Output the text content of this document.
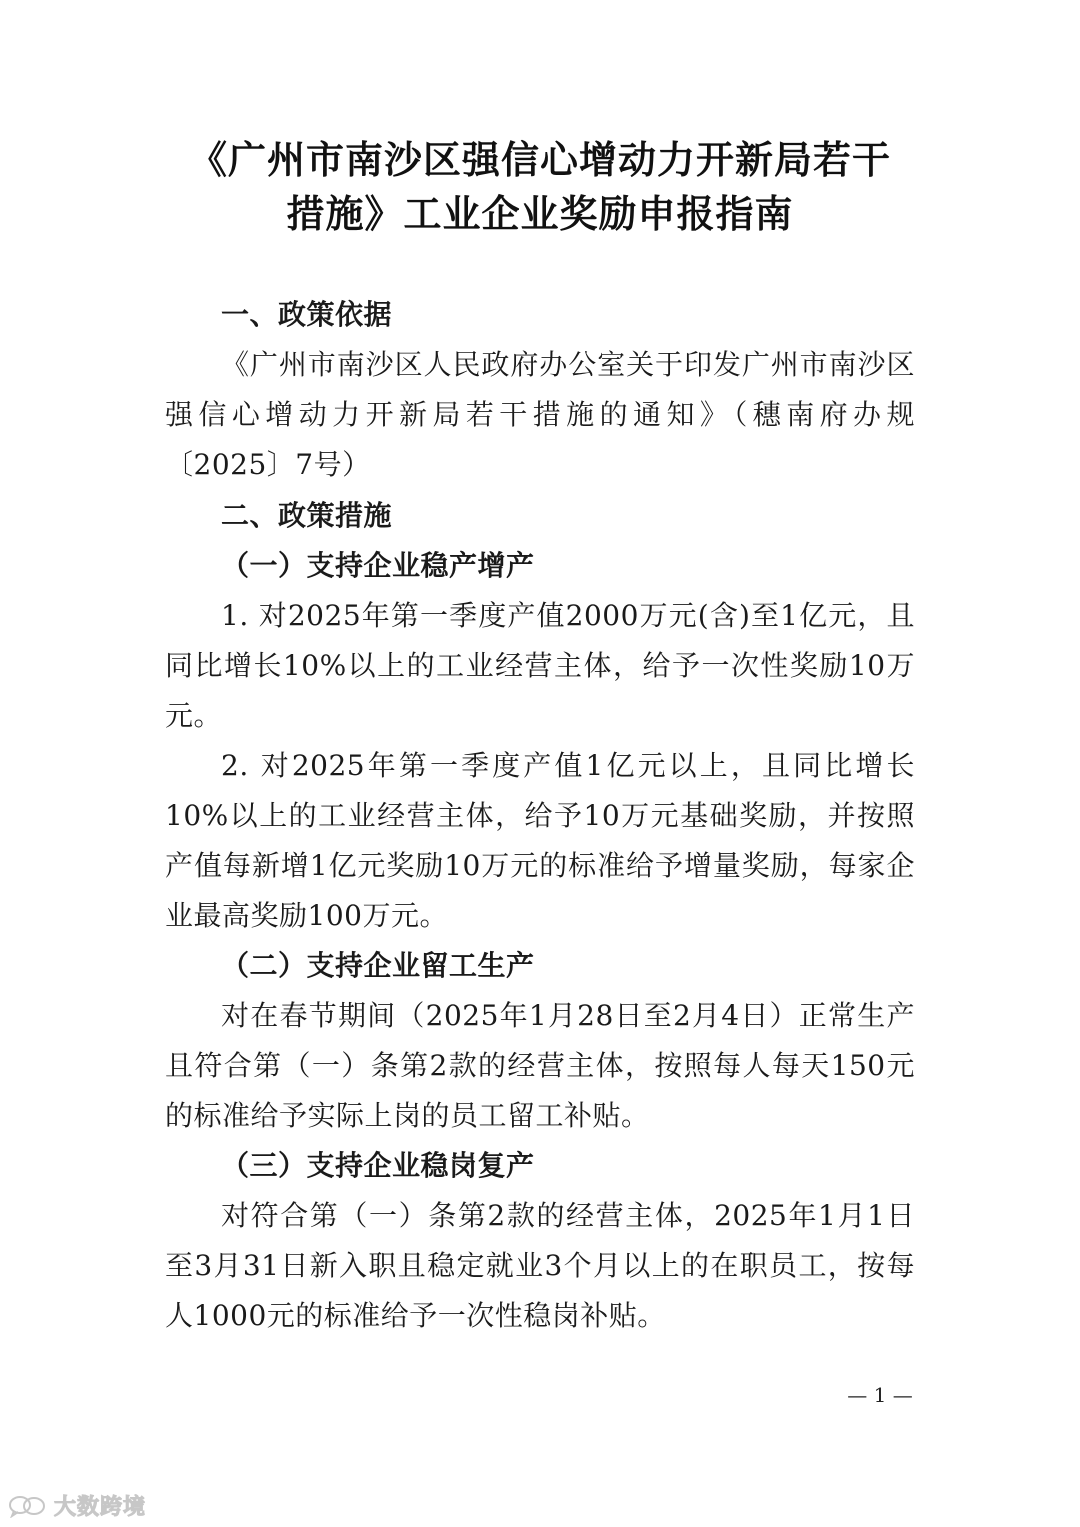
《广州市南沙区强信心增动力开新局若干
措施》工业企业奖励申报指南

一、政策依据

《广州市南沙区人民政府办公室关于印发广州市南沙区强信心增动力开新局若干措施的通知》（穗南府办规〔2025〕7号）

二、政策措施

（一）支持企业稳产增产

1. 对2025年第一季度产值2000万元(含)至1亿元，且同比增长10%以上的工业经营主体，给予一次性奖励10万元。

2. 对2025年第一季度产值1亿元以上，且同比增长10%以上的工业经营主体，给予10万元基础奖励，并按照产值每新增1亿元奖励10万元的标准给予增量奖励，每家企业最高奖励100万元。

（二）支持企业留工生产

对在春节期间（2025年1月28日至2月4日）正常生产且符合第（一）条第2款的经营主体，按照每人每天150元的标准给予实际上岗的员工留工补贴。

（三）支持企业稳岗复产

对符合第（一）条第2款的经营主体，2025年1月1日至3月31日新入职且稳定就业3个月以上的在职员工，按每人1000元的标准给予一次性稳岗补贴。

— 1 —
大数跨境
